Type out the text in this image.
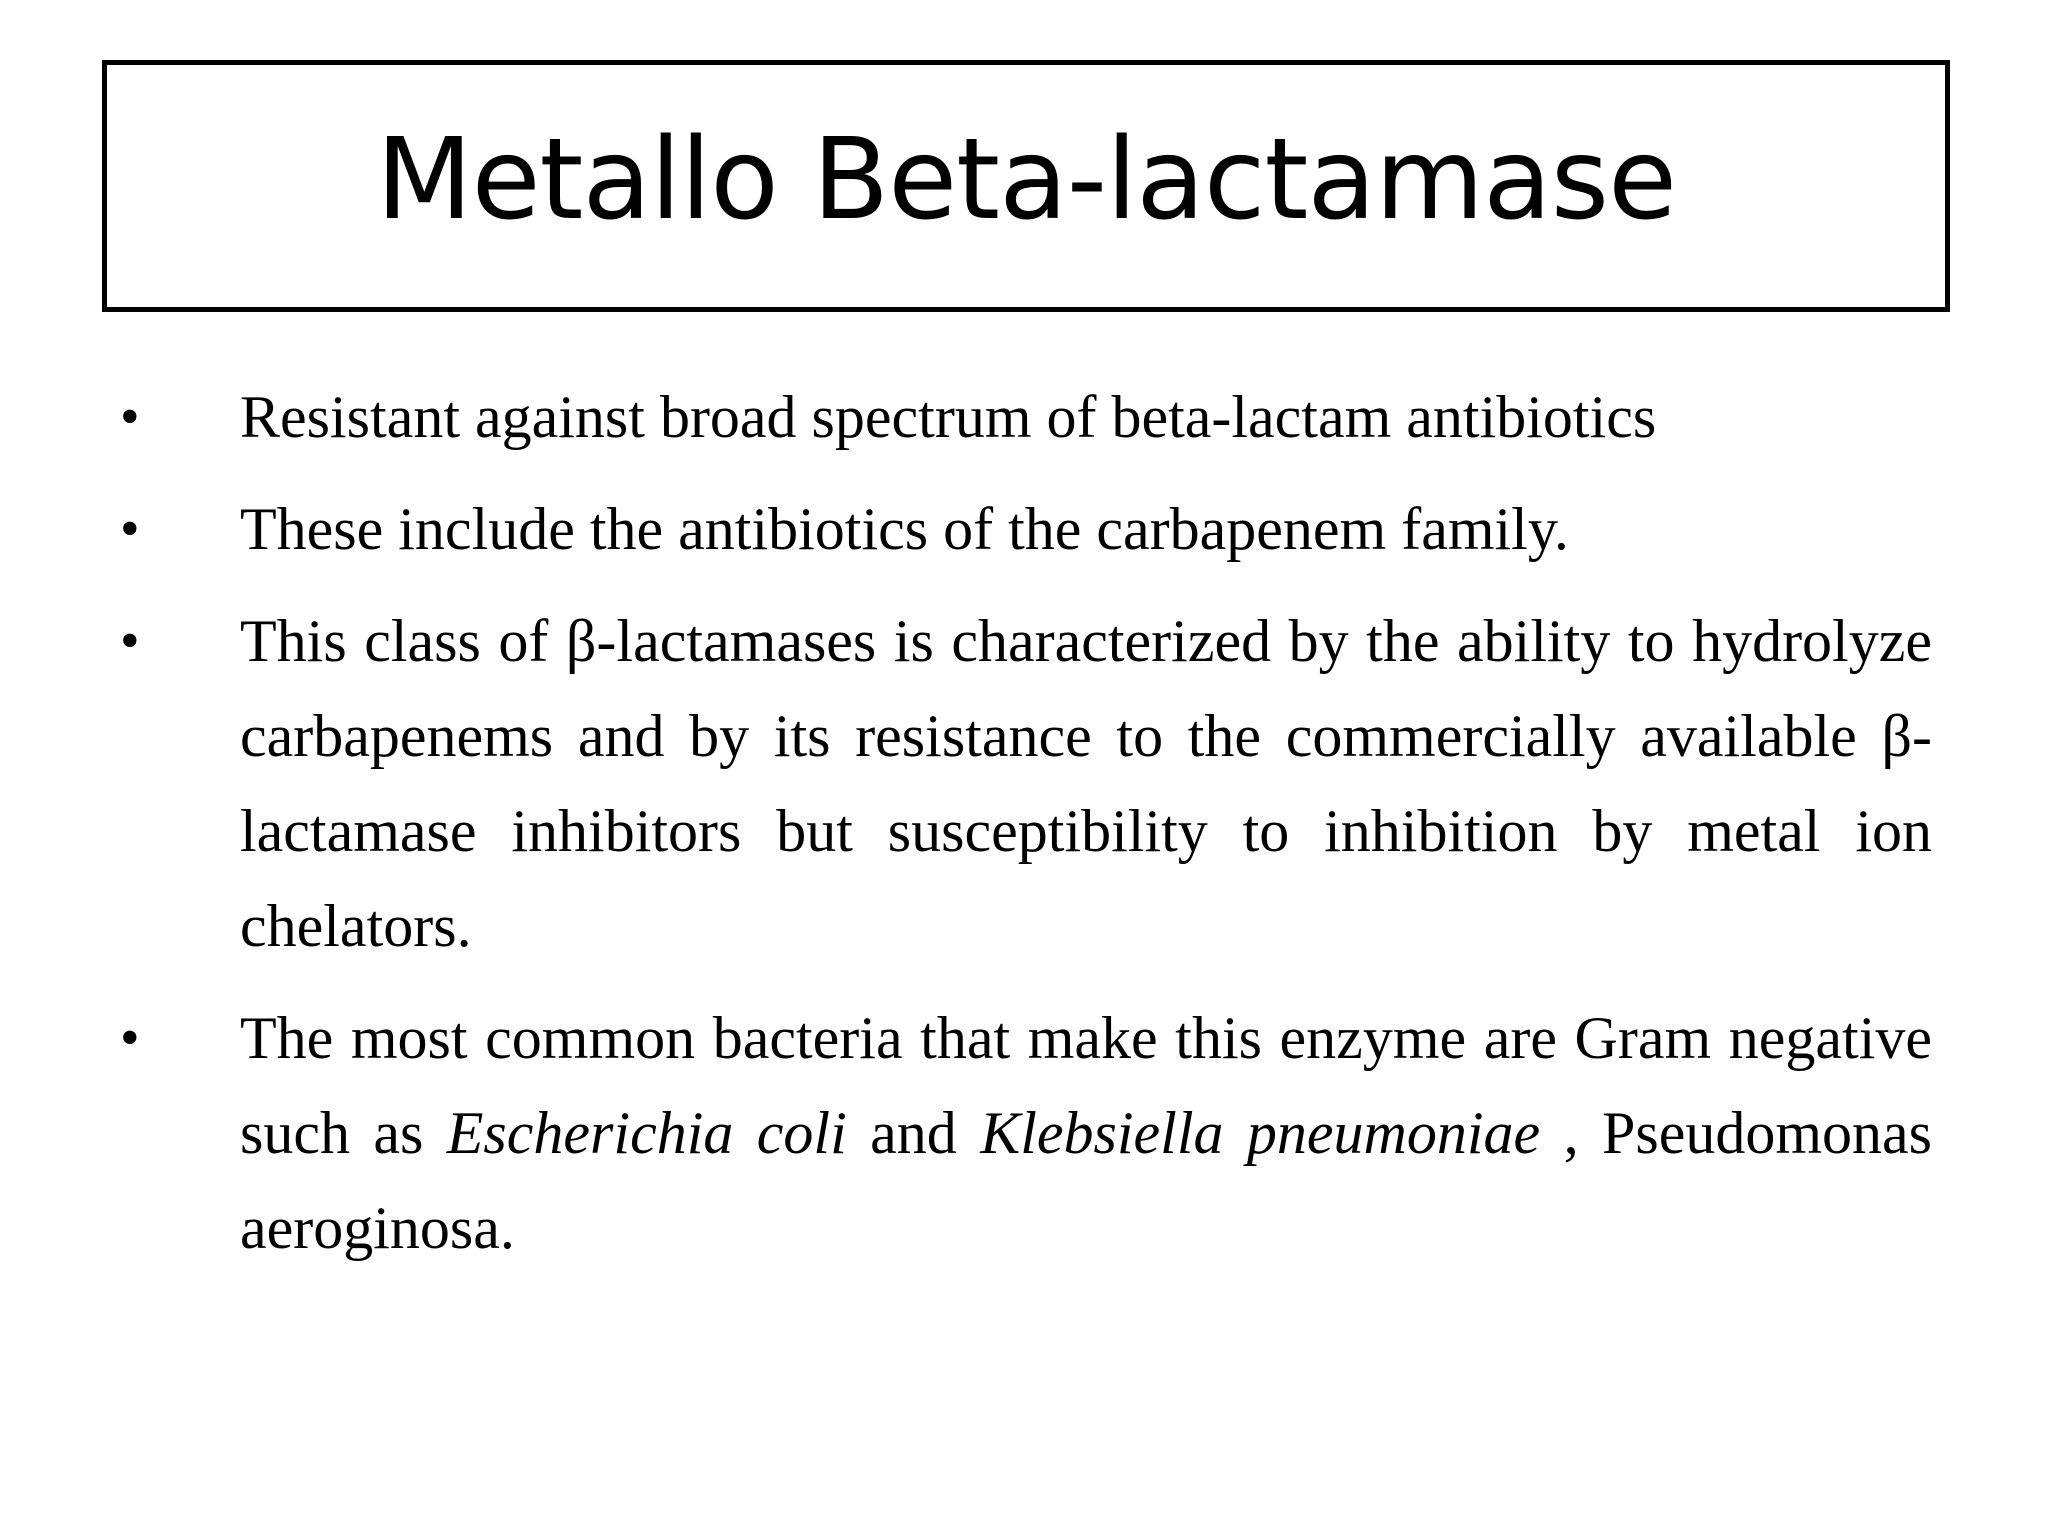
Metallo Beta-lactamase
• Resistant against broad spectrum of beta-lactam antibiotics
• These include the antibiotics of the carbapenem family.
• This class of β-lactamases is characterized by the ability to hydrolyze carbapenems and by its resistance to the commercially available β-lactamase inhibitors but susceptibility to inhibition by metal ion chelators.
• The most common bacteria that make this enzyme are Gram negative such as Escherichia coli and Klebsiella pneumoniae , Pseudomonas aeroginosa.
